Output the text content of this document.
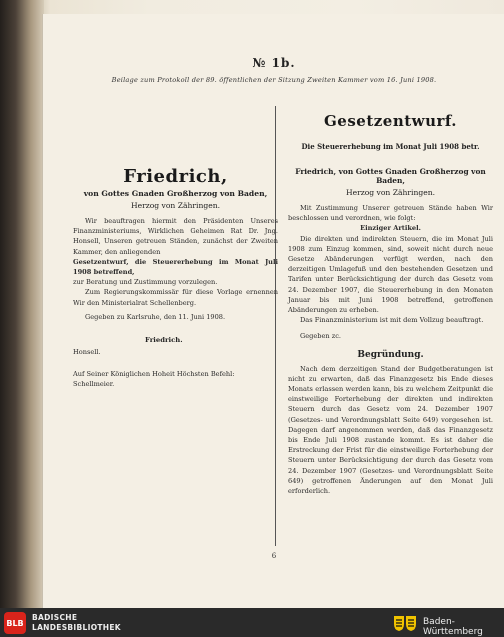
№ 1b.
Beilage zum Protokoll der 89. öffentlichen der Sitzung Zweiten Kammer vom 16. Juni 1908.
Friedrich,
von Gottes Gnaden Großherzog von Baden,
Herzog von Zähringen.

Wir beauftragen hiermit den Präsidenten Unseres Finanzministeriums, Wirklichen Geheimen Rat Dr. Jng. Honsell, Unseren getreuen Ständen, zunächst der Zweiten Kammer, den anliegenden

Gesetzentwurf, die Steuererhebung im Monat Juli 1908 betreffend,

zur Beratung und Zustimmung vorzulegen.

Zum Regierungskommissär für diese Vorlage ernennen Wir den Ministerialrat Schellenberg.

Gegeben zu Karlsruhe, den 11. Juni 1908.

Friedrich.
Honsell.
Auf Seiner Königlichen Hoheit Höchsten Befehl:
Schellmeier.
Gesetzentwurf.
Die Steuererhebung im Monat Juli 1908 betr.
Friedrich, von Gottes Gnaden Großherzog von Baden,
Herzog von Zähringen.

Mit Zustimmung Unserer getreuen Stände haben Wir beschlossen und verordnen, wie folgt:

Einziger Artikel.

Die direkten und indirekten Steuern, die im Monat Juli 1908 zum Einzug kommen, sind, soweit nicht durch neue Gesetze Abänderungen verfügt werden, nach den derzeitigen Umlagefuß und den bestehenden Gesetzen und Tarifen unter Berücksichtigung der durch das Gesetz vom 24. Dezember 1907, die Steuererhebung in den Monaten Januar bis mit Juni 1908 betreffend, getroffenen Abänderungen zu erheben.

Das Finanzministerium ist mit dem Vollzug beauftragt.

Gegeben zc.

Begründung.

Nach dem derzeitigen Stand der Budgetberatungen ist nicht zu erwarten, daß das Finanzgesetz bis Ende dieses Monats erlassen werden kann, bis zu welchem Zeitpunkt die einstweilige Forterhebung der direkten und indirekten Steuern durch das Gesetz vom 24. Dezember 1907 (Gesetzes- und Verordnungsblatt Seite 649) vorgesehen ist. Dagegen darf angenommen werden, daß das Finanzgesetz bis Ende Juli 1908 zustande kommt. Es ist daher die Erstreckung der Frist für die einstweilige Forterhebung der Steuern unter Berücksichtigung der durch das Gesetz vom 24. Dezember 1907 (Gesetzes- und Verordnungsblatt Seite 649) getroffenen Änderungen auf den Monat Juli erforderlich.

6
BLB
BADISCHE
LANDESBIBLIOTHEK
Baden-Württemberg
